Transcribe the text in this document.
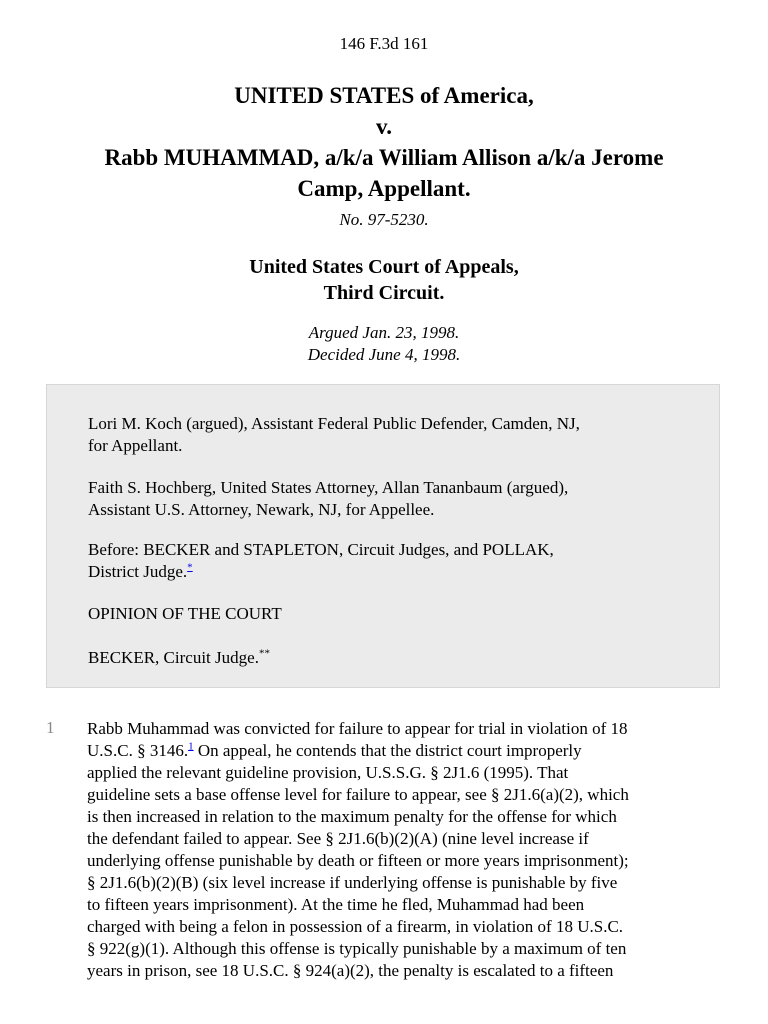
146 F.3d 161
UNITED STATES of America,
v.
Rabb MUHAMMAD, a/k/a William Allison a/k/a Jerome
Camp, Appellant.
No. 97-5230.
United States Court of Appeals,
Third Circuit.
Argued Jan. 23, 1998.
Decided June 4, 1998.

Lori M. Koch (argued), Assistant Federal Public Defender, Camden, NJ,
for Appellant.

Faith S. Hochberg, United States Attorney, Allan Tananbaum (argued),
Assistant U.S. Attorney, Newark, NJ, for Appellee.

Before: BECKER and STAPLETON, Circuit Judges, and POLLAK,
District Judge.*

OPINION OF THE COURT

BECKER, Circuit Judge.**

1 Rabb Muhammad was convicted for failure to appear for trial in violation of 18
U.S.C. § 3146.$^1$ On appeal, he contends that the district court improperly
applied the relevant guideline provision, U.S.S.G. § 2J1.6 (1995). That
guideline sets a base offense level for failure to appear, see § 2J1.6(a)(2), which
is then increased in relation to the maximum penalty for the offense for which
the defendant failed to appear. See § 2J1.6(b)(2)(A) (nine level increase if
underlying offense punishable by death or fifteen or more years imprisonment);
§ 2J1.6(b)(2)(B) (six level increase if underlying offense is punishable by five
to fifteen years imprisonment). At the time he fled, Muhammad had been
charged with being a felon in possession of a firearm, in violation of 18 U.S.C.
§ 922(g)(1). Although this offense is typically punishable by a maximum of ten
years in prison, see 18 U.S.C. § 924(a)(2), the penalty is escalated to a fifteen
